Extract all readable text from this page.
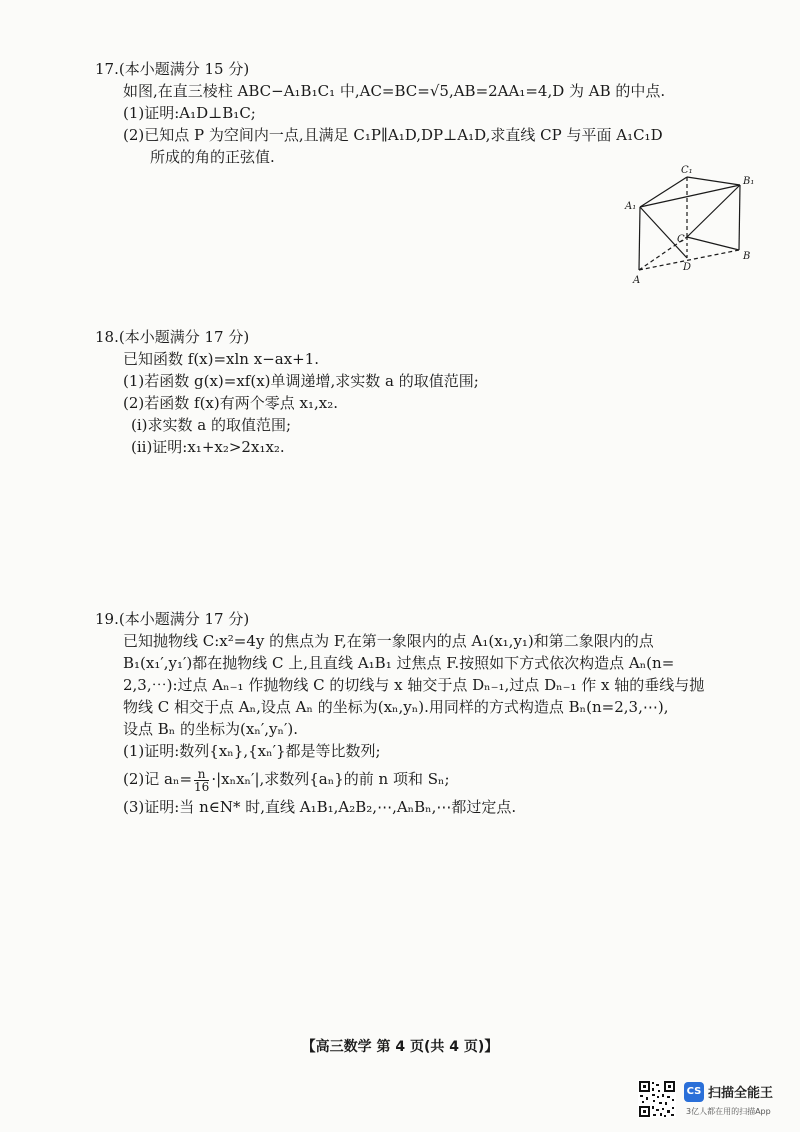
17.(本小题满分 15 分)
如图,在直三棱柱 ABC−A₁B₁C₁ 中,AC=BC=√5,AB=2AA₁=4,D 为 AB 的中点.
(1)证明:A₁D⊥B₁C;
(2)已知点 P 为空间内一点,且满足 C₁P∥A₁D,DP⊥A₁D,求直线 CP 与平面 A₁C₁D
所成的角的正弦值.
C₁
B₁
A₁
C
A
D
B
18.(本小题满分 17 分)
已知函数 f(x)=xln x−ax+1.
(1)若函数 g(x)=xf(x)单调递增,求实数 a 的取值范围;
(2)若函数 f(x)有两个零点 x₁,x₂.
(i)求实数 a 的取值范围;
(ii)证明:x₁+x₂>2x₁x₂.
19.(本小题满分 17 分)
已知抛物线 C:x²=4y 的焦点为 F,在第一象限内的点 A₁(x₁,y₁)和第二象限内的点
B₁(x₁′,y₁′)都在抛物线 C 上,且直线 A₁B₁ 过焦点 F.按照如下方式依次构造点 Aₙ(n=
2,3,⋯):过点 Aₙ₋₁ 作抛物线 C 的切线与 x 轴交于点 Dₙ₋₁,过点 Dₙ₋₁ 作 x 轴的垂线与抛
物线 C 相交于点 Aₙ,设点 Aₙ 的坐标为(xₙ,yₙ).用同样的方式构造点 Bₙ(n=2,3,⋯),
设点 Bₙ 的坐标为(xₙ′,yₙ′).
(1)证明:数列{xₙ},{xₙ′}都是等比数列;
(2)记 $a_n= \frac{n}{16} \cdot|x_nx_n'|$,求数列{aₙ}的前 n 项和 Sₙ;
(3)证明:当 n∈N* 时,直线 A₁B₁,A₂B₂,⋯,AₙBₙ,⋯都过定点.
【高三数学 第 4 页(共 4 页)】
CS 扫描全能王
3亿人都在用的扫描App
